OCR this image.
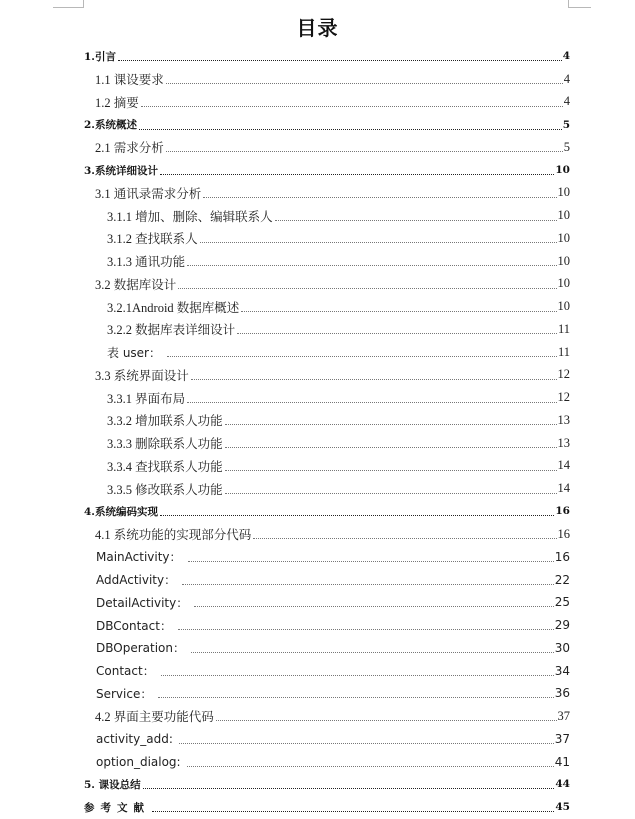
目录
1.引言	4
1.1 课设要求	4
1.2 摘要	4
2.系统概述	5
2.1 需求分析	5
3.系统详细设计	10
3.1 通讯录需求分析	10
3.1.1 增加、删除、编辑联系人	10
3.1.2 查找联系人	10
3.1.3 通讯功能	10
3.2 数据库设计	10
3.2.1Android 数据库概述	10
3.2.2 数据库表详细设计	11
表 user：	11
3.3 系统界面设计	12
3.3.1 界面布局	12
3.3.2 增加联系人功能	13
3.3.3 删除联系人功能	13
3.3.4 查找联系人功能	14
3.3.5 修改联系人功能	14
4.系统编码实现	16
4.1 系统功能的实现部分代码	16
MainActivity：	16
AddActivity：	22
DetailActivity：	25
DBContact：	29
DBOperation：	30
Contact：	34
Service：	36
4.2 界面主要功能代码	37
activity_add:	37
option_dialog:	41
5. 课设总结	44
参考文献	45
